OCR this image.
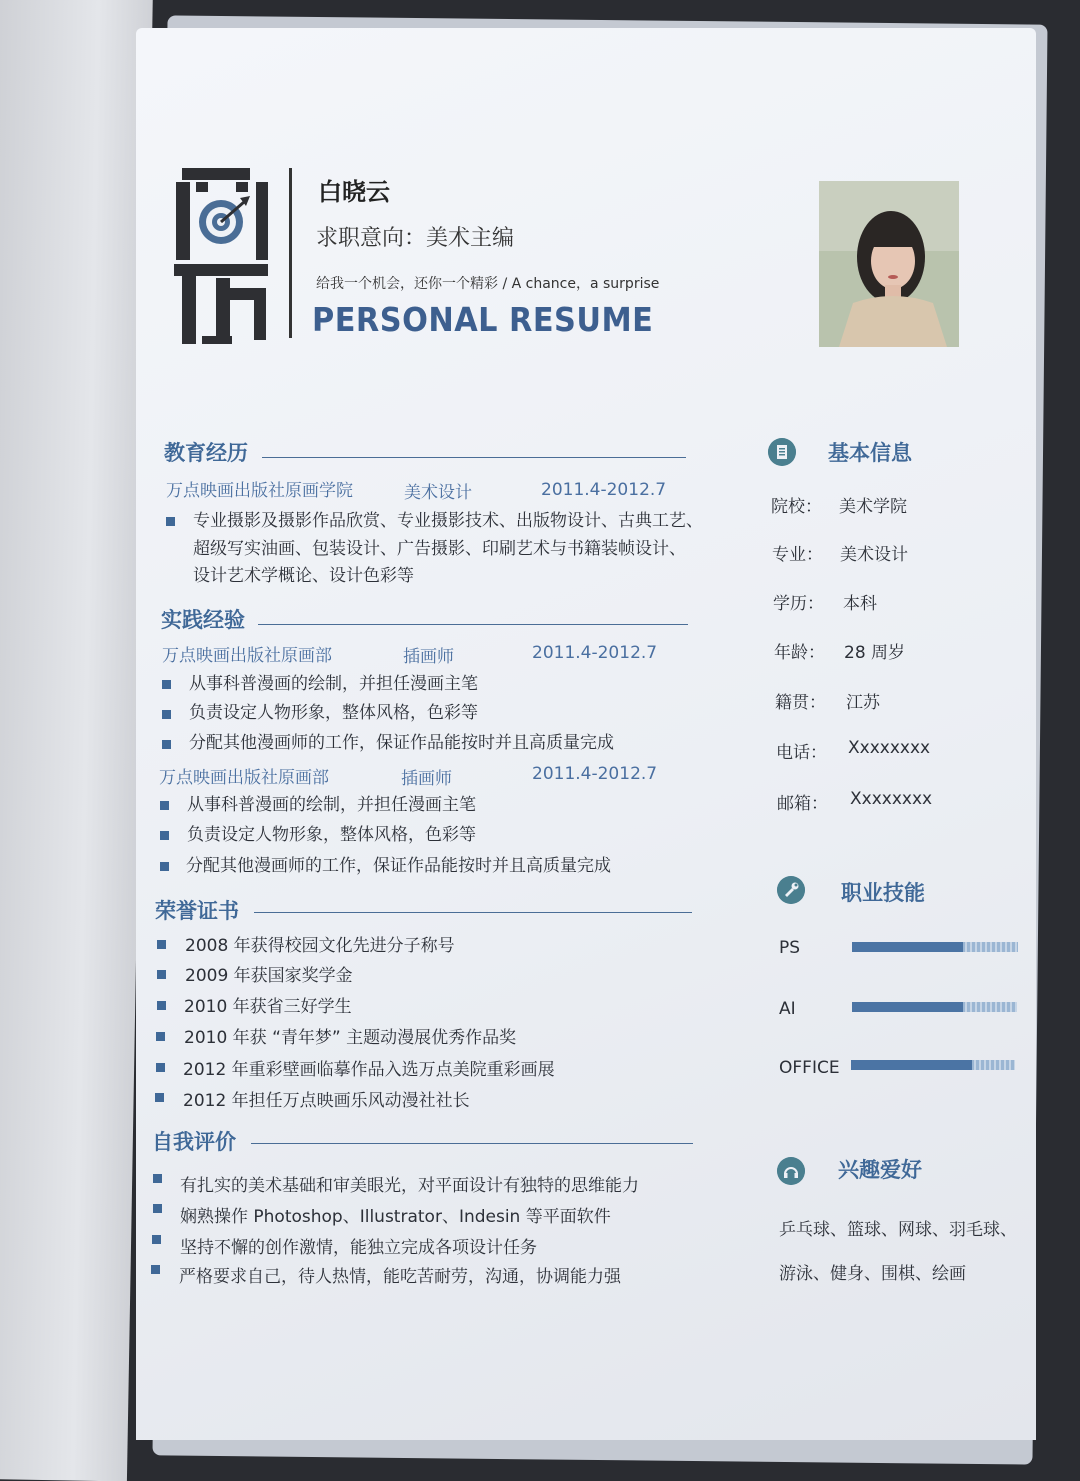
白晓云
求职意向：美术主编
给我一个机会，还你一个精彩 / A chance，a surprise
PERSONAL RESUME
教育经历
万点映画出版社原画学院	美术设计	2011.4-2012.7
专业摄影及摄影作品欣赏、专业摄影技术、出版物设计、古典工艺、
超级写实油画、包装设计、广告摄影、印刷艺术与书籍装帧设计、
设计艺术学概论、设计色彩等
实践经验
万点映画出版社原画部	插画师	2011.4-2012.7
从事科普漫画的绘制，并担任漫画主笔
负责设定人物形象，整体风格，色彩等
分配其他漫画师的工作，保证作品能按时并且高质量完成
万点映画出版社原画部	插画师	2011.4-2012.7
从事科普漫画的绘制，并担任漫画主笔
负责设定人物形象，整体风格，色彩等
分配其他漫画师的工作，保证作品能按时并且高质量完成
荣誉证书
2008 年获得校园文化先进分子称号
2009 年获国家奖学金
2010 年获省三好学生
2010 年获 “青年梦” 主题动漫展优秀作品奖
2012 年重彩壁画临摹作品入选万点美院重彩画展
2012 年担任万点映画乐风动漫社社长
自我评价
有扎实的美术基础和审美眼光，对平面设计有独特的思维能力
娴熟操作 Photoshop、Illustrator、Indesin 等平面软件
坚持不懈的创作激情，能独立完成各项设计任务
严格要求自己，待人热情，能吃苦耐劳，沟通，协调能力强
基本信息
院校： 美术学院
专业： 美术设计
学历： 本科
年龄： 28 周岁
籍贯： 江苏
电话： Xxxxxxxx
邮箱： Xxxxxxxx
职业技能
PS
AI
OFFICE
兴趣爱好
乒乓球、篮球、网球、羽毛球、
游泳、健身、围棋、绘画
